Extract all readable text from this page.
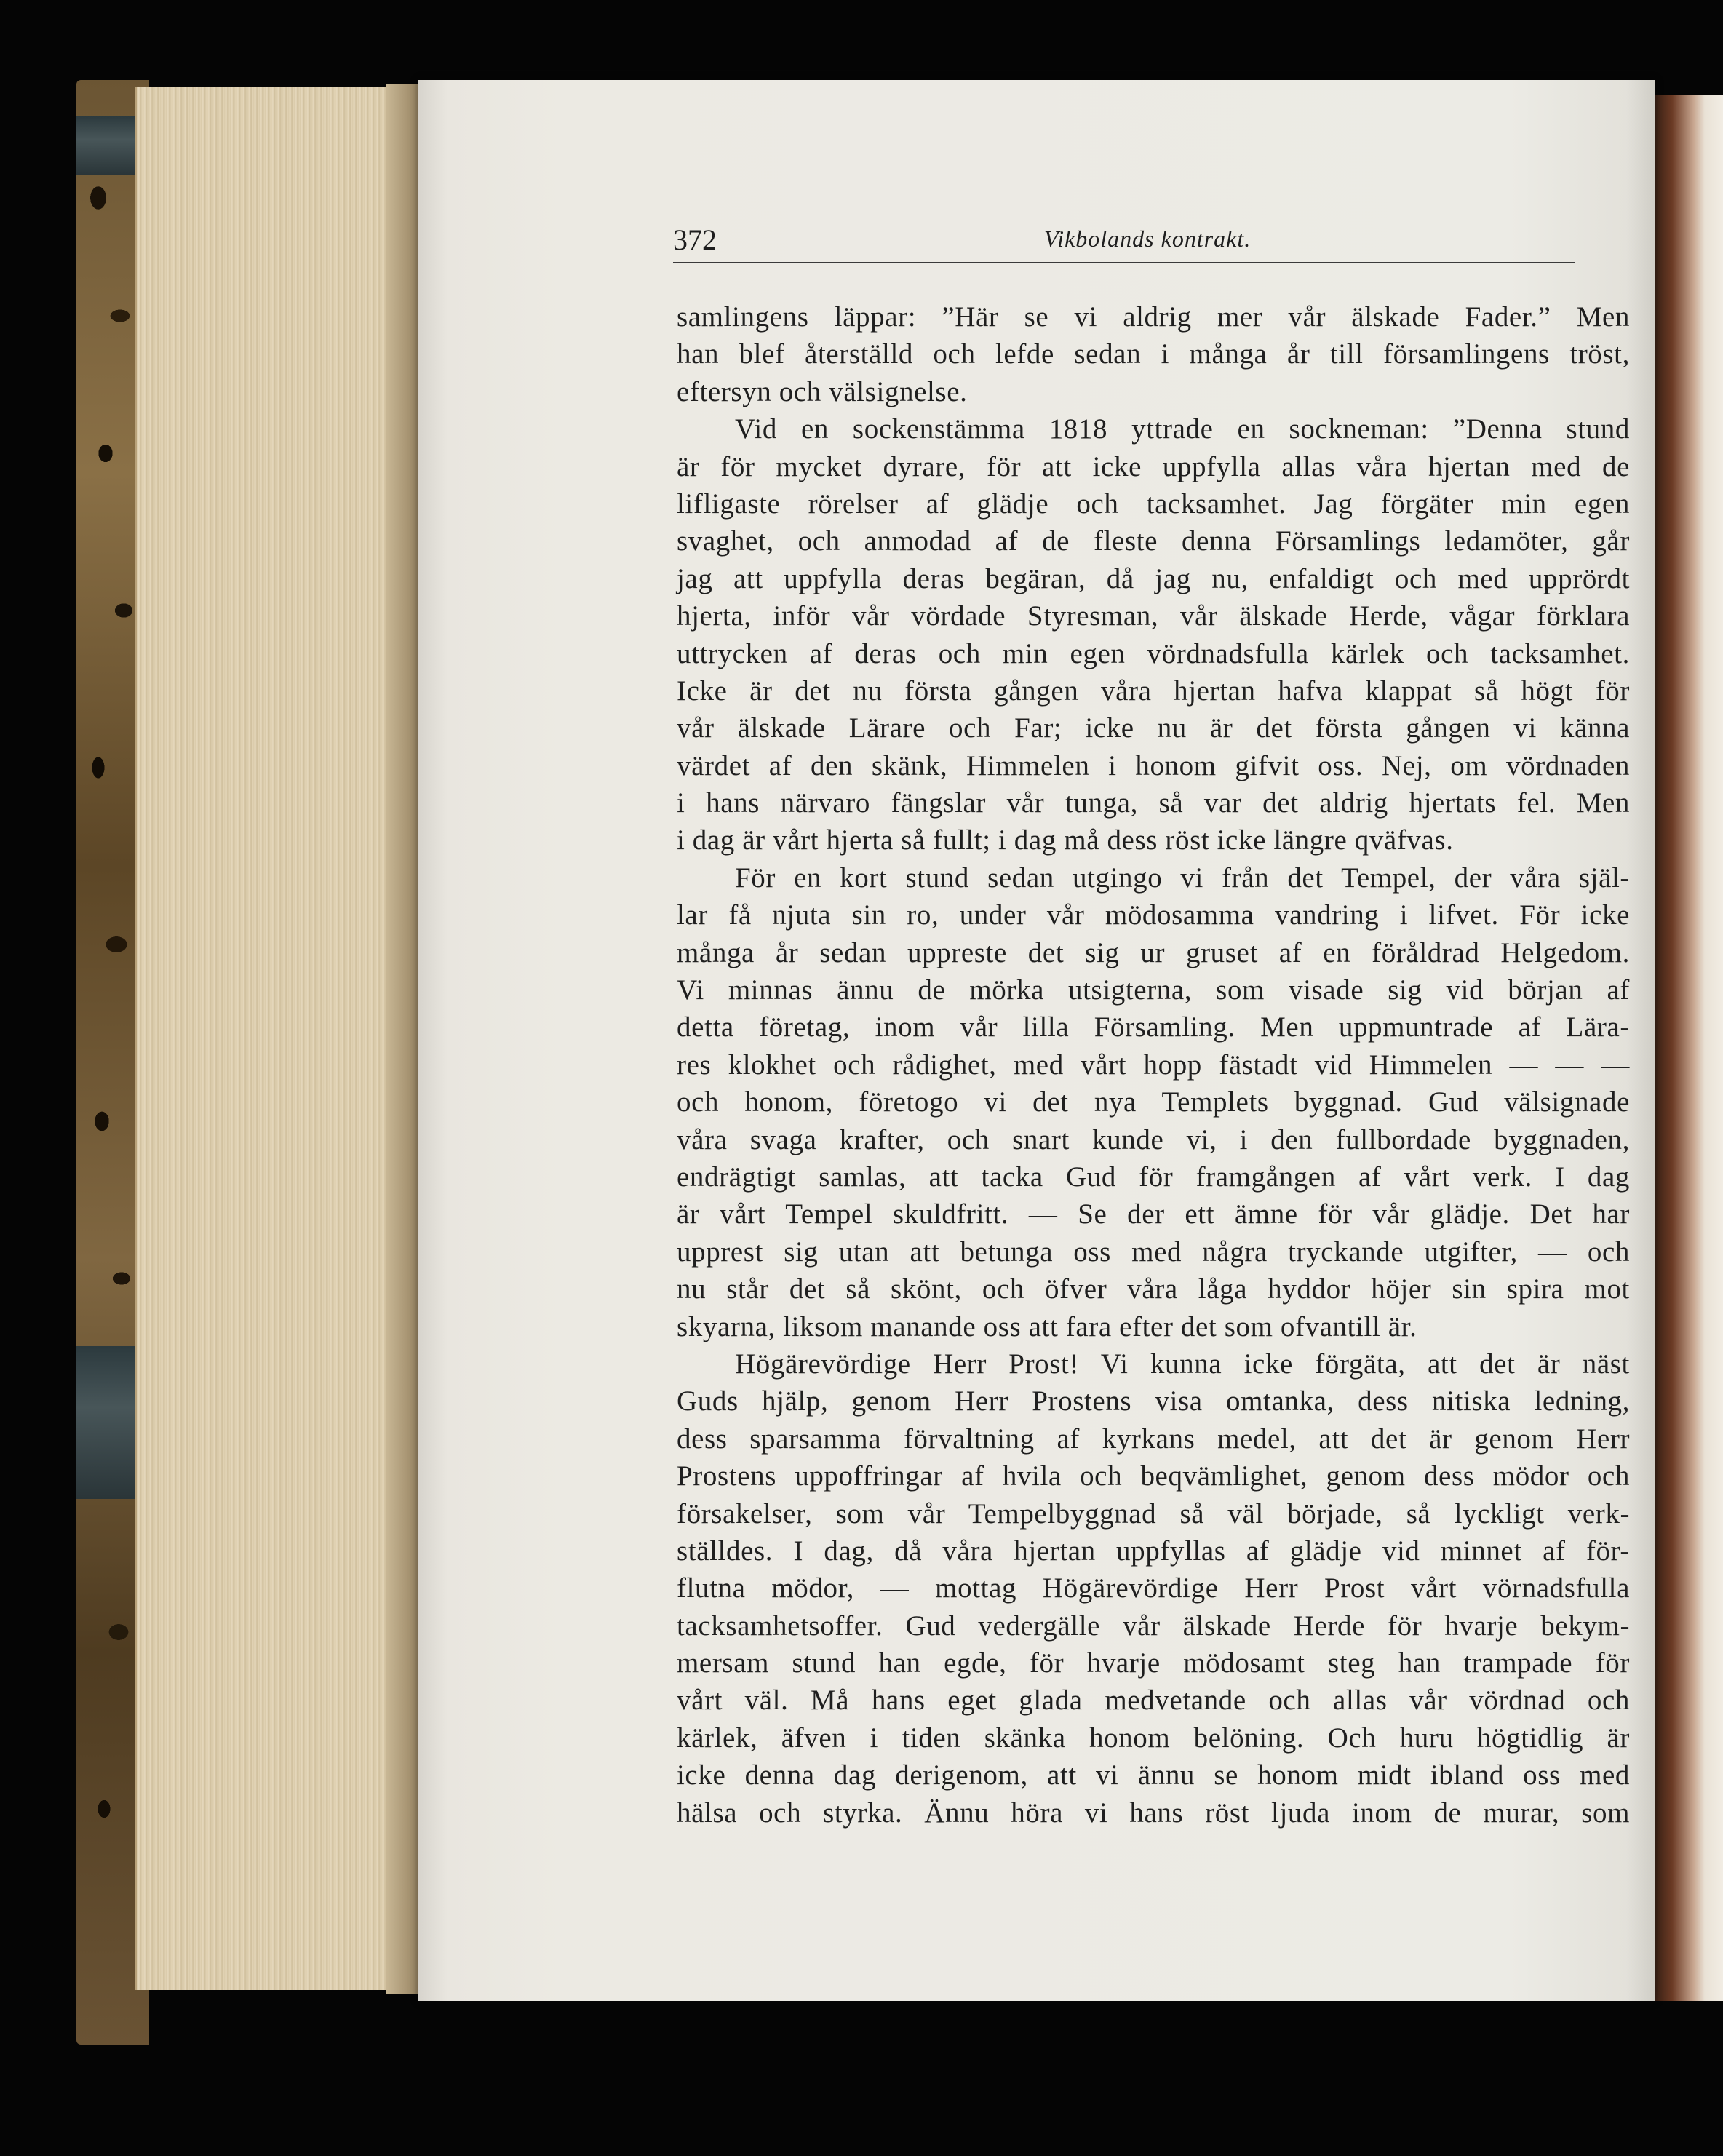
372	Vikbolands kontrakt.
samlingens läppar: ”Här se vi aldrig mer vår älskade Fader.” Men
han blef återställd och lefde sedan i många år till församlingens tröst,
eftersyn och välsignelse.
Vid en sockenstämma 1818 yttrade en sockneman: ”Denna stund
är för mycket dyrare, för att icke uppfylla allas våra hjertan med de
lifligaste rörelser af glädje och tacksamhet. Jag förgäter min egen
svaghet, och anmodad af de fleste denna Församlings ledamöter, går
jag att uppfylla deras begäran, då jag nu, enfaldigt och med upprördt
hjerta, inför vår vördade Styresman, vår älskade Herde, vågar förklara
uttrycken af deras och min egen vördnadsfulla kärlek och tacksamhet.
Icke är det nu första gången våra hjertan hafva klappat så högt för
vår älskade Lärare och Far; icke nu är det första gången vi känna
värdet af den skänk, Himmelen i honom gifvit oss. Nej, om vördnaden
i hans närvaro fängslar vår tunga, så var det aldrig hjertats fel. Men
i dag är vårt hjerta så fullt; i dag må dess röst icke längre qväfvas.
För en kort stund sedan utgingo vi från det Tempel, der våra själ-
lar få njuta sin ro, under vår mödosamma vandring i lifvet. För icke
många år sedan uppreste det sig ur gruset af en föråldrad Helgedom.
Vi minnas ännu de mörka utsigterna, som visade sig vid början af
detta företag, inom vår lilla Församling. Men uppmuntrade af Lära-
res klokhet och rådighet, med vårt hopp fästadt vid Himmelen — — —
och honom, företogo vi det nya Templets byggnad. Gud välsignade
våra svaga krafter, och snart kunde vi, i den fullbordade byggnaden,
endrägtigt samlas, att tacka Gud för framgången af vårt verk. I dag
är vårt Tempel skuldfritt. — Se der ett ämne för vår glädje. Det har
upprest sig utan att betunga oss med några tryckande utgifter, — och
nu står det så skönt, och öfver våra låga hyddor höjer sin spira mot
skyarna, liksom manande oss att fara efter det som ofvantill är.
Högärevördige Herr Prost! Vi kunna icke förgäta, att det är näst
Guds hjälp, genom Herr Prostens visa omtanka, dess nitiska ledning,
dess sparsamma förvaltning af kyrkans medel, att det är genom Herr
Prostens uppoffringar af hvila och beqvämlighet, genom dess mödor och
försakelser, som vår Tempelbyggnad så väl började, så lyckligt verk-
ställdes. I dag, då våra hjertan uppfyllas af glädje vid minnet af för-
flutna mödor, — mottag Högärevördige Herr Prost vårt vörnadsfulla
tacksamhetsoffer. Gud vedergälle vår älskade Herde för hvarje bekym-
mersam stund han egde, för hvarje mödosamt steg han trampade för
vårt väl. Må hans eget glada medvetande och allas vår vördnad och
kärlek, äfven i tiden skänka honom belöning. Och huru högtidlig är
icke denna dag derigenom, att vi ännu se honom midt ibland oss med
hälsa och styrka. Ännu höra vi hans röst ljuda inom de murar, som
